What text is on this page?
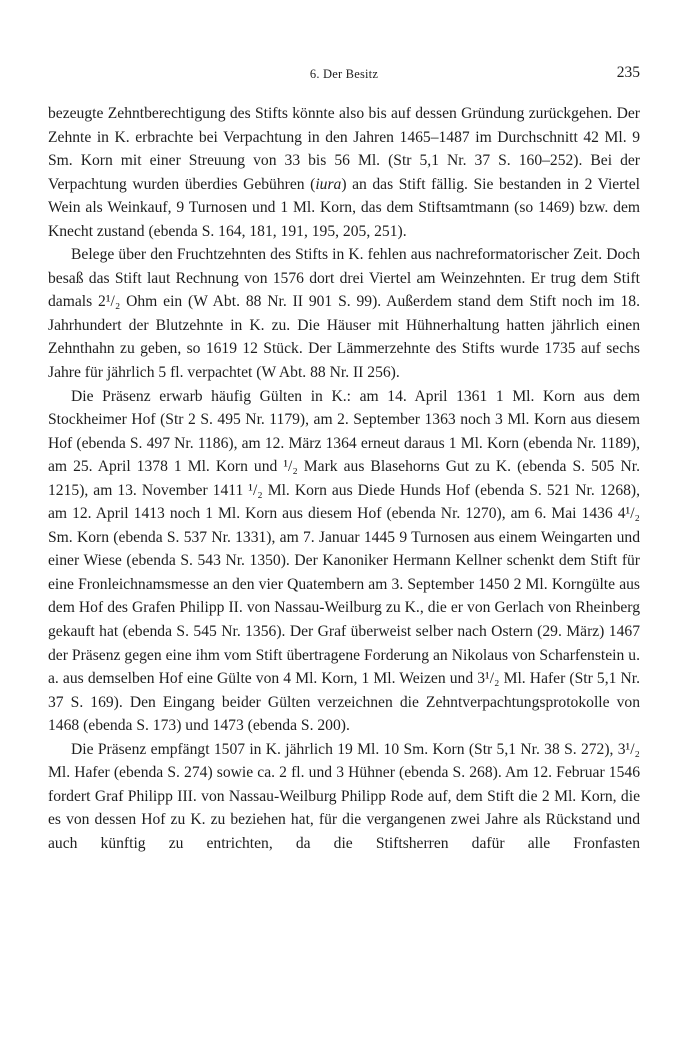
6. Der Besitz	235

bezeugte Zehntberechtigung des Stifts könnte also bis auf dessen Gründung zurückgehen. Der Zehnte in K. erbrachte bei Verpachtung in den Jahren 1465–1487 im Durchschnitt 42 Ml. 9 Sm. Korn mit einer Streuung von 33 bis 56 Ml. (Str 5,1 Nr. 37 S. 160–252). Bei der Verpachtung wurden überdies Gebühren (iura) an das Stift fällig. Sie bestanden in 2 Viertel Wein als Weinkauf, 9 Turnosen und 1 Ml. Korn, das dem Stiftsamtmann (so 1469) bzw. dem Knecht zustand (ebenda S. 164, 181, 191, 195, 205, 251).

Belege über den Fruchtzehnten des Stifts in K. fehlen aus nachreformatorischer Zeit. Doch besaß das Stift laut Rechnung von 1576 dort drei Viertel am Weinzehnten. Er trug dem Stift damals 2¹/₂ Ohm ein (W Abt. 88 Nr. II 901 S. 99). Außerdem stand dem Stift noch im 18. Jahrhundert der Blutzehnte in K. zu. Die Häuser mit Hühnerhaltung hatten jährlich einen Zehnthahn zu geben, so 1619 12 Stück. Der Lämmerzehnte des Stifts wurde 1735 auf sechs Jahre für jährlich 5 fl. verpachtet (W Abt. 88 Nr. II 256).

Die Präsenz erwarb häufig Gülten in K.: am 14. April 1361 1 Ml. Korn aus dem Stockheimer Hof (Str 2 S. 495 Nr. 1179), am 2. September 1363 noch 3 Ml. Korn aus diesem Hof (ebenda S. 497 Nr. 1186), am 12. März 1364 erneut daraus 1 Ml. Korn (ebenda Nr. 1189), am 25. April 1378 1 Ml. Korn und ¹/₂ Mark aus Blasehorns Gut zu K. (ebenda S. 505 Nr. 1215), am 13. November 1411 ¹/₂ Ml. Korn aus Diede Hunds Hof (ebenda S. 521 Nr. 1268), am 12. April 1413 noch 1 Ml. Korn aus diesem Hof (ebenda Nr. 1270), am 6. Mai 1436 4¹/₂ Sm. Korn (ebenda S. 537 Nr. 1331), am 7. Januar 1445 9 Turnosen aus einem Weingarten und einer Wiese (ebenda S. 543 Nr. 1350). Der Kanoniker Hermann Kellner schenkt dem Stift für eine Fronleichnamsmesse an den vier Quatembern am 3. September 1450 2 Ml. Korngülte aus dem Hof des Grafen Philipp II. von Nassau-Weilburg zu K., die er von Gerlach von Rheinberg gekauft hat (ebenda S. 545 Nr. 1356). Der Graf überweist selber nach Ostern (29. März) 1467 der Präsenz gegen eine ihm vom Stift übertragene Forderung an Nikolaus von Scharfenstein u. a. aus demselben Hof eine Gülte von 4 Ml. Korn, 1 Ml. Weizen und 3¹/₂ Ml. Hafer (Str 5,1 Nr. 37 S. 169). Den Eingang beider Gülten verzeichnen die Zehntverpachtungsprotokolle von 1468 (ebenda S. 173) und 1473 (ebenda S. 200).

Die Präsenz empfängt 1507 in K. jährlich 19 Ml. 10 Sm. Korn (Str 5,1 Nr. 38 S. 272), 3¹/₂ Ml. Hafer (ebenda S. 274) sowie ca. 2 fl. und 3 Hühner (ebenda S. 268). Am 12. Februar 1546 fordert Graf Philipp III. von Nassau-Weilburg Philipp Rode auf, dem Stift die 2 Ml. Korn, die es von dessen Hof zu K. zu beziehen hat, für die vergangenen zwei Jahre als Rückstand und auch künftig zu entrichten, da die Stiftsherren dafür alle Fronfasten
